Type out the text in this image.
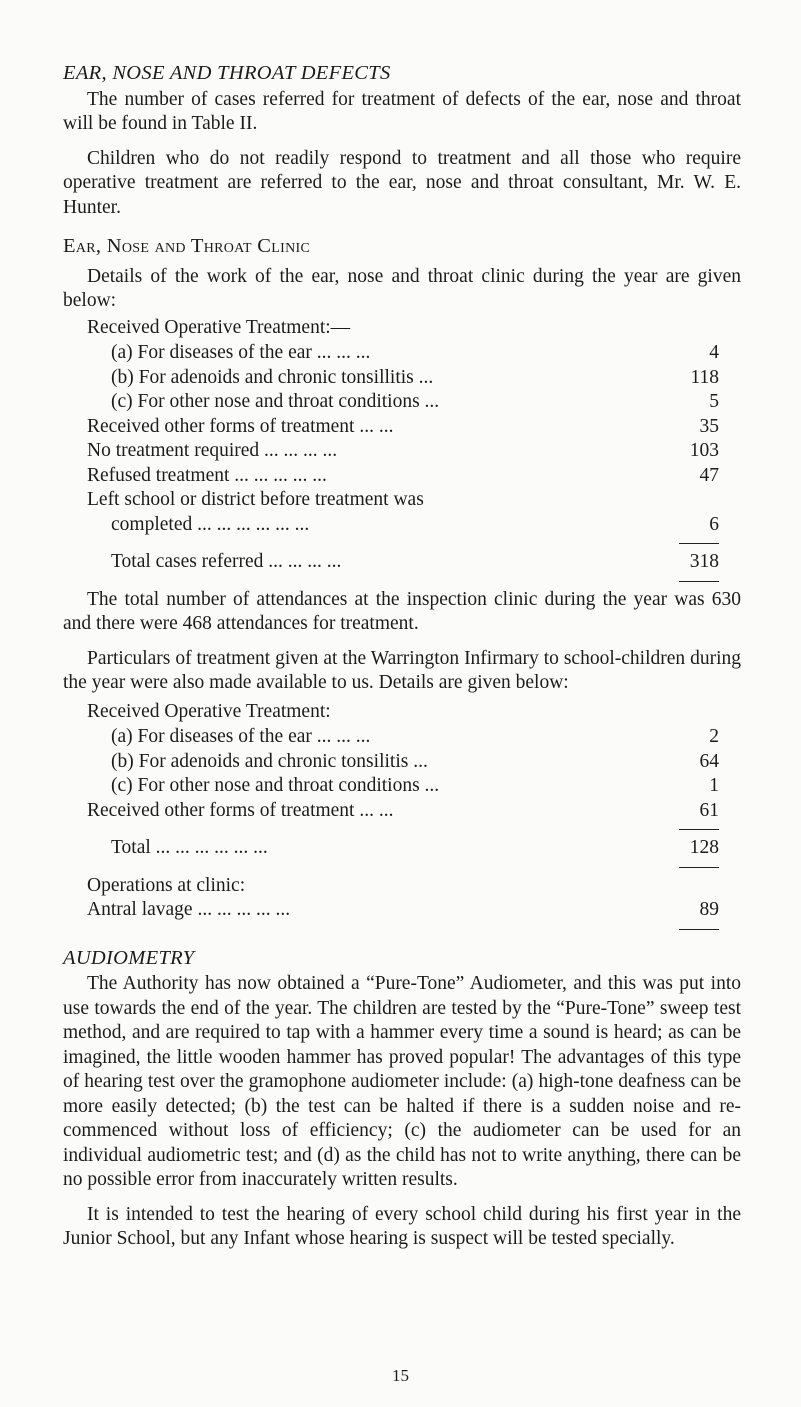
EAR, NOSE AND THROAT DEFECTS

The number of cases referred for treatment of defects of the ear, nose and throat will be found in Table II.

Children who do not readily respond to treatment and all those who require operative treatment are referred to the ear, nose and throat consultant, Mr. W. E. Hunter.

Ear, Nose and Throat Clinic

Details of the work of the ear, nose and throat clinic during the year are given below:

Received Operative Treatment:—
(a) For diseases of the ear ... ... ...	4
(b) For adenoids and chronic tonsillitis ...	118
(c) For other nose and throat conditions ...	5
Received other forms of treatment ... ...	35
No treatment required ... ... ... ...	103
Refused treatment ... ... ... ... ...	47
Left school or district before treatment was
completed ... ... ... ... ... ...	6
Total cases referred ... ... ... ...	318

The total number of attendances at the inspection clinic during the year was 630 and there were 468 attendances for treatment.

Particulars of treatment given at the Warrington Infirmary to school-children during the year were also made available to us. Details are given below:

Received Operative Treatment:
(a) For diseases of the ear ... ... ...	2
(b) For adenoids and chronic tonsilitis ...	64
(c) For other nose and throat conditions ...	1
Received other forms of treatment ... ...	61
Total ... ... ... ... ... ...	128
Operations at clinic:
Antral lavage ... ... ... ... ...	89
AUDIOMETRY

The Authority has now obtained a “Pure-Tone” Audiometer, and this was put into use towards the end of the year. The children are tested by the “Pure-Tone” sweep test method, and are required to tap with a hammer every time a sound is heard; as can be imagined, the little wooden hammer has proved popular! The advantages of this type of hearing test over the gramophone audiometer include: (a) high-tone deafness can be more easily detected; (b) the test can be halted if there is a sudden noise and re-commenced without loss of efficiency; (c) the audiometer can be used for an individual audiometric test; and (d) as the child has not to write anything, there can be no possible error from inaccurately written results.

It is intended to test the hearing of every school child during his first year in the Junior School, but any Infant whose hearing is suspect will be tested specially.

15
